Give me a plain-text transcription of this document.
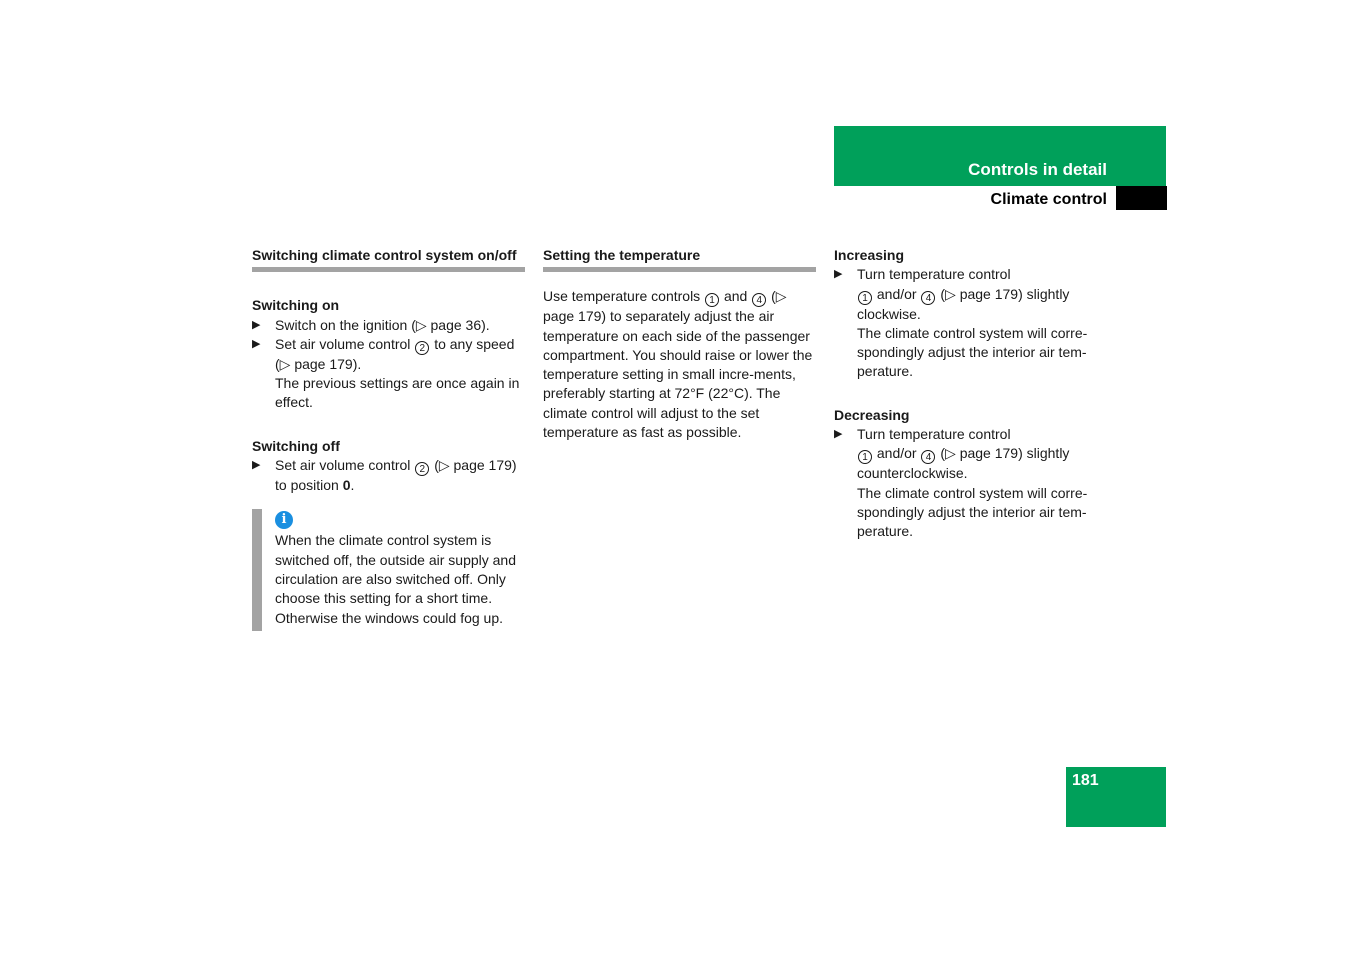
Controls in detail
Climate control
181
Switching climate control system on/off

Switching on

▶ Switch on the ignition (▷ page 36).

▶ Set air volume control 2 to any speed (▷ page 179).

The previous settings are once again in effect.

Switching off

▶ Set air volume control 2 (▷ page 179) to position 0.

i

When the climate control system is switched off, the outside air supply and circulation are also switched off. Only choose this setting for a short time. Otherwise the windows could fog up.

Setting the temperature

Use temperature controls 1 and 4 (▷ page 179) to separately adjust the air temperature on each side of the passenger compartment. You should raise or lower the temperature setting in small incre-ments, preferably starting at 72°F (22°C). The climate control will adjust to the set temperature as fast as possible.

Increasing

▶ Turn temperature control
1 and/or 4 (▷ page 179) slightly clockwise.

The climate control system will corre-spondingly adjust the interior air tem-perature.

Decreasing

▶ Turn temperature control
1 and/or 4 (▷ page 179) slightly counterclockwise.

The climate control system will corre-spondingly adjust the interior air tem-perature.
